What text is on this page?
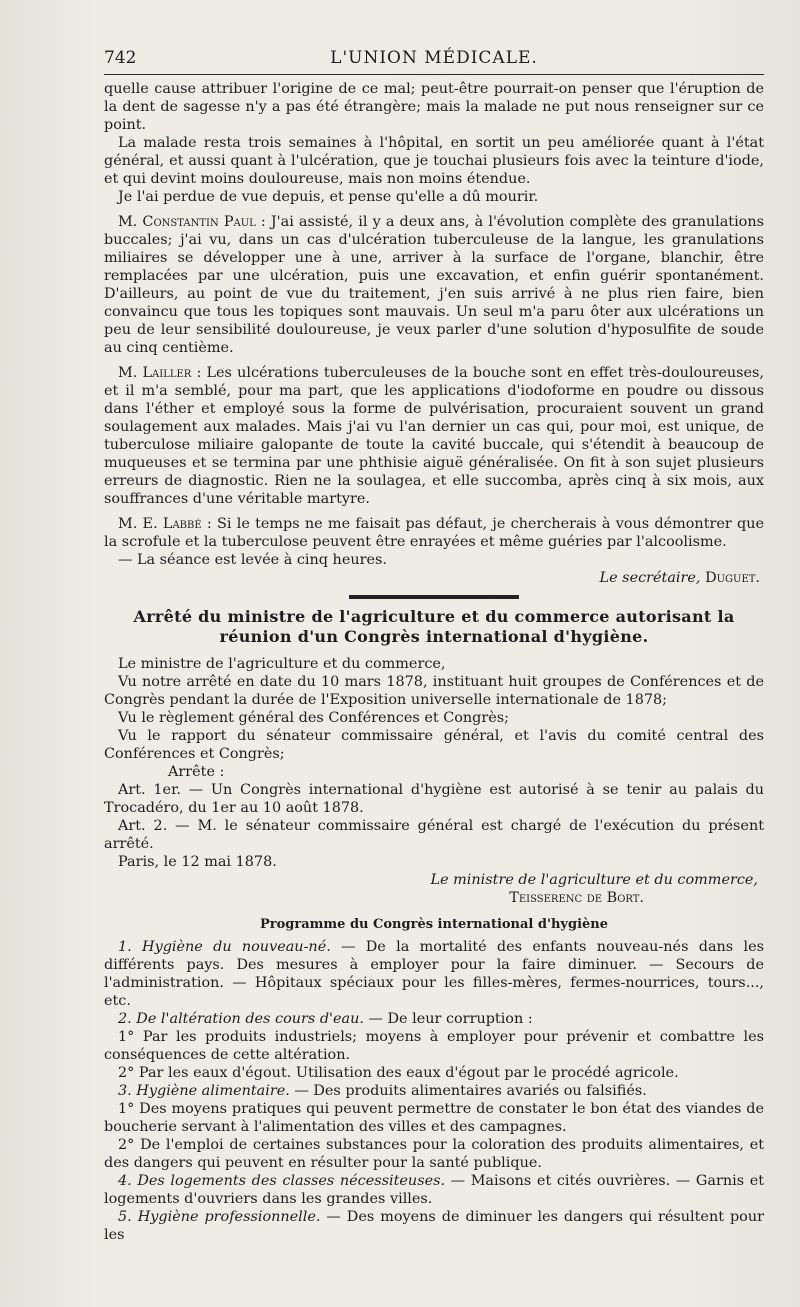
742	L'UNION MÉDICALE.

quelle cause attribuer l'origine de ce mal; peut-être pourrait-on penser que l'éruption de la dent de sagesse n'y a pas été étrangère; mais la malade ne put nous renseigner sur ce point.

La malade resta trois semaines à l'hôpital, en sortit un peu améliorée quant à l'état général, et aussi quant à l'ulcération, que je touchai plusieurs fois avec la teinture d'iode, et qui devint moins douloureuse, mais non moins étendue.

Je l'ai perdue de vue depuis, et pense qu'elle a dû mourir.

M. Constantin Paul : J'ai assisté, il y a deux ans, à l'évolution complète des granulations buccales; j'ai vu, dans un cas d'ulcération tuberculeuse de la langue, les granulations miliaires se développer une à une, arriver à la surface de l'organe, blanchir, être remplacées par une ulcération, puis une excavation, et enfin guérir spontanément. D'ailleurs, au point de vue du traitement, j'en suis arrivé à ne plus rien faire, bien convaincu que tous les topiques sont mauvais. Un seul m'a paru ôter aux ulcérations un peu de leur sensibilité douloureuse, je veux parler d'une solution d'hyposulfite de soude au cinq centième.

M. Lailler : Les ulcérations tuberculeuses de la bouche sont en effet très-douloureuses, et il m'a semblé, pour ma part, que les applications d'iodoforme en poudre ou dissous dans l'éther et employé sous la forme de pulvérisation, procuraient souvent un grand soulagement aux malades. Mais j'ai vu l'an dernier un cas qui, pour moi, est unique, de tuberculose miliaire galopante de toute la cavité buccale, qui s'étendit à beaucoup de muqueuses et se termina par une phthisie aiguë généralisée. On fit à son sujet plusieurs erreurs de diagnostic. Rien ne la soulagea, et elle succomba, après cinq à six mois, aux souffrances d'une véritable martyre.

M. E. Labbé : Si le temps ne me faisait pas défaut, je chercherais à vous démontrer que la scrofule et la tuberculose peuvent être enrayées et même guéries par l'alcoolisme.

— La séance est levée à cinq heures.

Le secrétaire, Duguet.
Arrêté du ministre de l'agriculture et du commerce autorisant la
réunion d'un Congrès international d'hygiène.

Le ministre de l'agriculture et du commerce,

Vu notre arrêté en date du 10 mars 1878, instituant huit groupes de Conférences et de Congrès pendant la durée de l'Exposition universelle internationale de 1878;

Vu le règlement général des Conférences et Congrès;

Vu le rapport du sénateur commissaire général, et l'avis du comité central des Conférences et Congrès;

Arrête :

Art. 1er. — Un Congrès international d'hygiène est autorisé à se tenir au palais du Trocadéro, du 1er au 10 août 1878.

Art. 2. — M. le sénateur commissaire général est chargé de l'exécution du présent arrêté.

Paris, le 12 mai 1878.

Le ministre de l'agriculture et du commerce,
Teisserenc de Bort.
Programme du Congrès international d'hygiène

1. Hygiène du nouveau-né. — De la mortalité des enfants nouveau-nés dans les différents pays. Des mesures à employer pour la faire diminuer. — Secours de l'administration. — Hôpitaux spéciaux pour les filles-mères, fermes-nourrices, tours..., etc.

2. De l'altération des cours d'eau. — De leur corruption :

1° Par les produits industriels; moyens à employer pour prévenir et combattre les conséquences de cette altération.

2° Par les eaux d'égout. Utilisation des eaux d'égout par le procédé agricole.

3. Hygiène alimentaire. — Des produits alimentaires avariés ou falsifiés.

1° Des moyens pratiques qui peuvent permettre de constater le bon état des viandes de boucherie servant à l'alimentation des villes et des campagnes.

2° De l'emploi de certaines substances pour la coloration des produits alimentaires, et des dangers qui peuvent en résulter pour la santé publique.

4. Des logements des classes nécessiteuses. — Maisons et cités ouvrières. — Garnis et logements d'ouvriers dans les grandes villes.

5. Hygiène professionnelle. — Des moyens de diminuer les dangers qui résultent pour les
